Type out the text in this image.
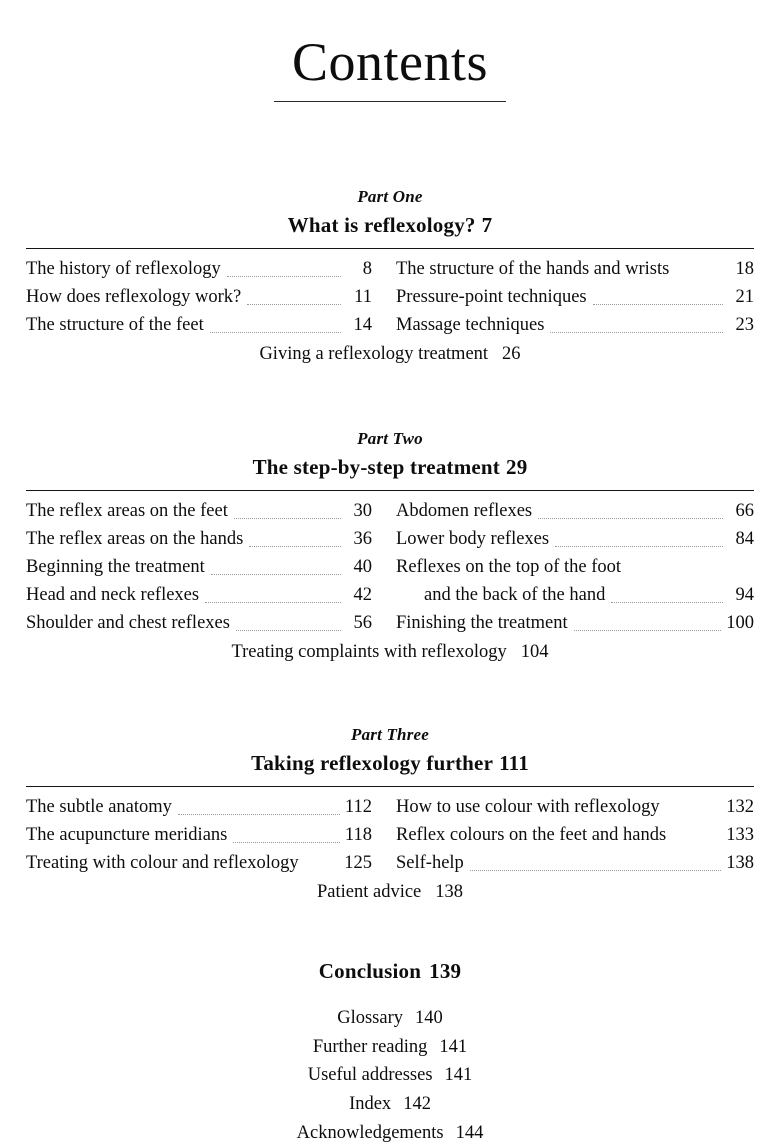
Contents
Part One
What is reflexology? 7
The history of reflexology	8
How does reflexology work?	11
The structure of the feet	14
The structure of the hands and wrists	18
Pressure-point techniques	21
Massage techniques	23
Giving a reflexology treatment 26
Part Two
The step-by-step treatment 29
The reflex areas on the feet	30
The reflex areas on the hands	36
Beginning the treatment	40
Head and neck reflexes	42
Shoulder and chest reflexes	56
Abdomen reflexes	66
Lower body reflexes	84
Reflexes on the top of the foot
and the back of the hand	94
Finishing the treatment	100
Treating complaints with reflexology 104
Part Three
Taking reflexology further 111
The subtle anatomy	112
The acupuncture meridians	118
Treating with colour and reflexology 125
How to use colour with reflexology	132
Reflex colours on the feet and hands	133
Self-help	138
Patient advice 138
Conclusion 139
Glossary 140
Further reading 141
Useful addresses 141
Index 142
Acknowledgements 144
